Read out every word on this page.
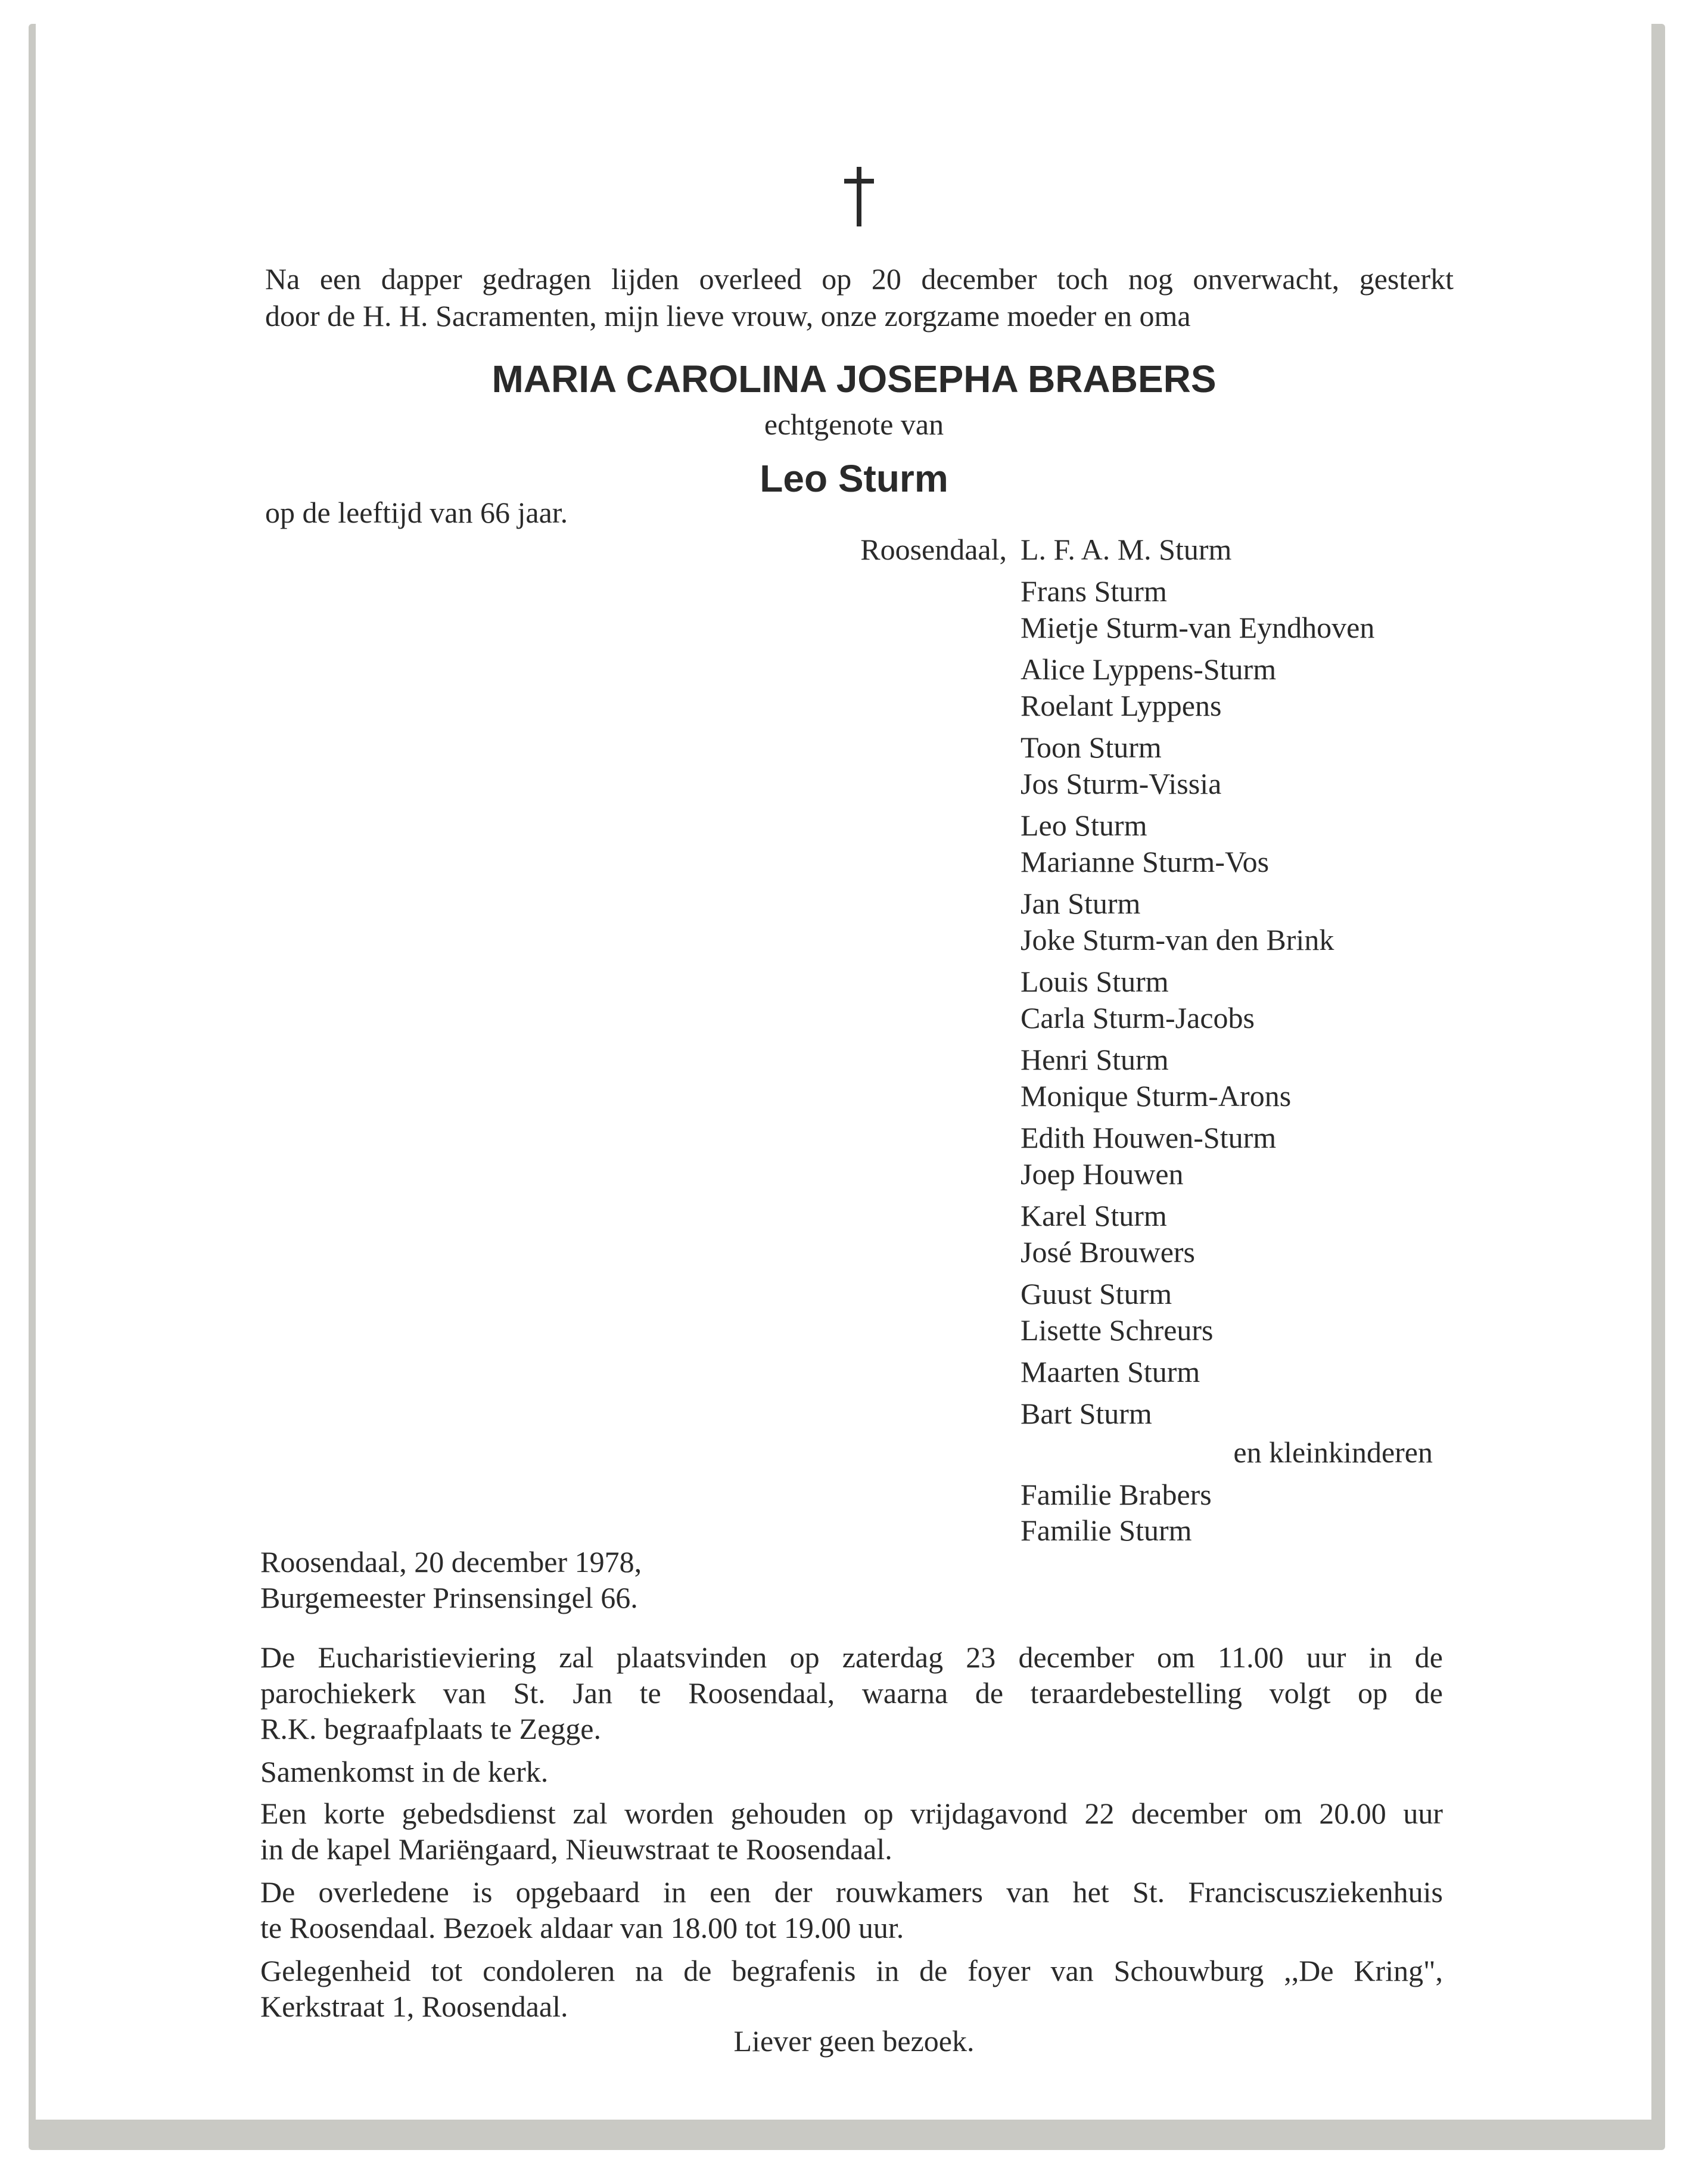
Na een dapper gedragen lijden overleed op 20 december toch nog onverwacht, gesterkt
door de H. H. Sacramenten, mijn lieve vrouw, onze zorgzame moeder en oma
MARIA CAROLINA JOSEPHA BRABERS
echtgenote van
Leo Sturm
op de leeftijd van 66 jaar.
Roosendaal, L. F. A. M. Sturm
Frans Sturm
Mietje Sturm-van Eyndhoven
Alice Lyppens-Sturm
Roelant Lyppens
Toon Sturm
Jos Sturm-Vissia
Leo Sturm
Marianne Sturm-Vos
Jan Sturm
Joke Sturm-van den Brink
Louis Sturm
Carla Sturm-Jacobs
Henri Sturm
Monique Sturm-Arons
Edith Houwen-Sturm
Joep Houwen
Karel Sturm
José Brouwers
Guust Sturm
Lisette Schreurs
Maarten Sturm
Bart Sturm
en kleinkinderen
Familie Brabers
Familie Sturm
Roosendaal, 20 december 1978,
Burgemeester Prinsensingel 66.
De Eucharistieviering zal plaatsvinden op zaterdag 23 december om 11.00 uur in de
parochiekerk van St. Jan te Roosendaal, waarna de teraardebestelling volgt op de
R.K. begraafplaats te Zegge.
Samenkomst in de kerk.
Een korte gebedsdienst zal worden gehouden op vrijdagavond 22 december om 20.00 uur
in de kapel Mariëngaard, Nieuwstraat te Roosendaal.
De overledene is opgebaard in een der rouwkamers van het St. Franciscusziekenhuis
te Roosendaal. Bezoek aldaar van 18.00 tot 19.00 uur.
Gelegenheid tot condoleren na de begrafenis in de foyer van Schouwburg ,,De Kring",
Kerkstraat 1, Roosendaal.
Liever geen bezoek.
